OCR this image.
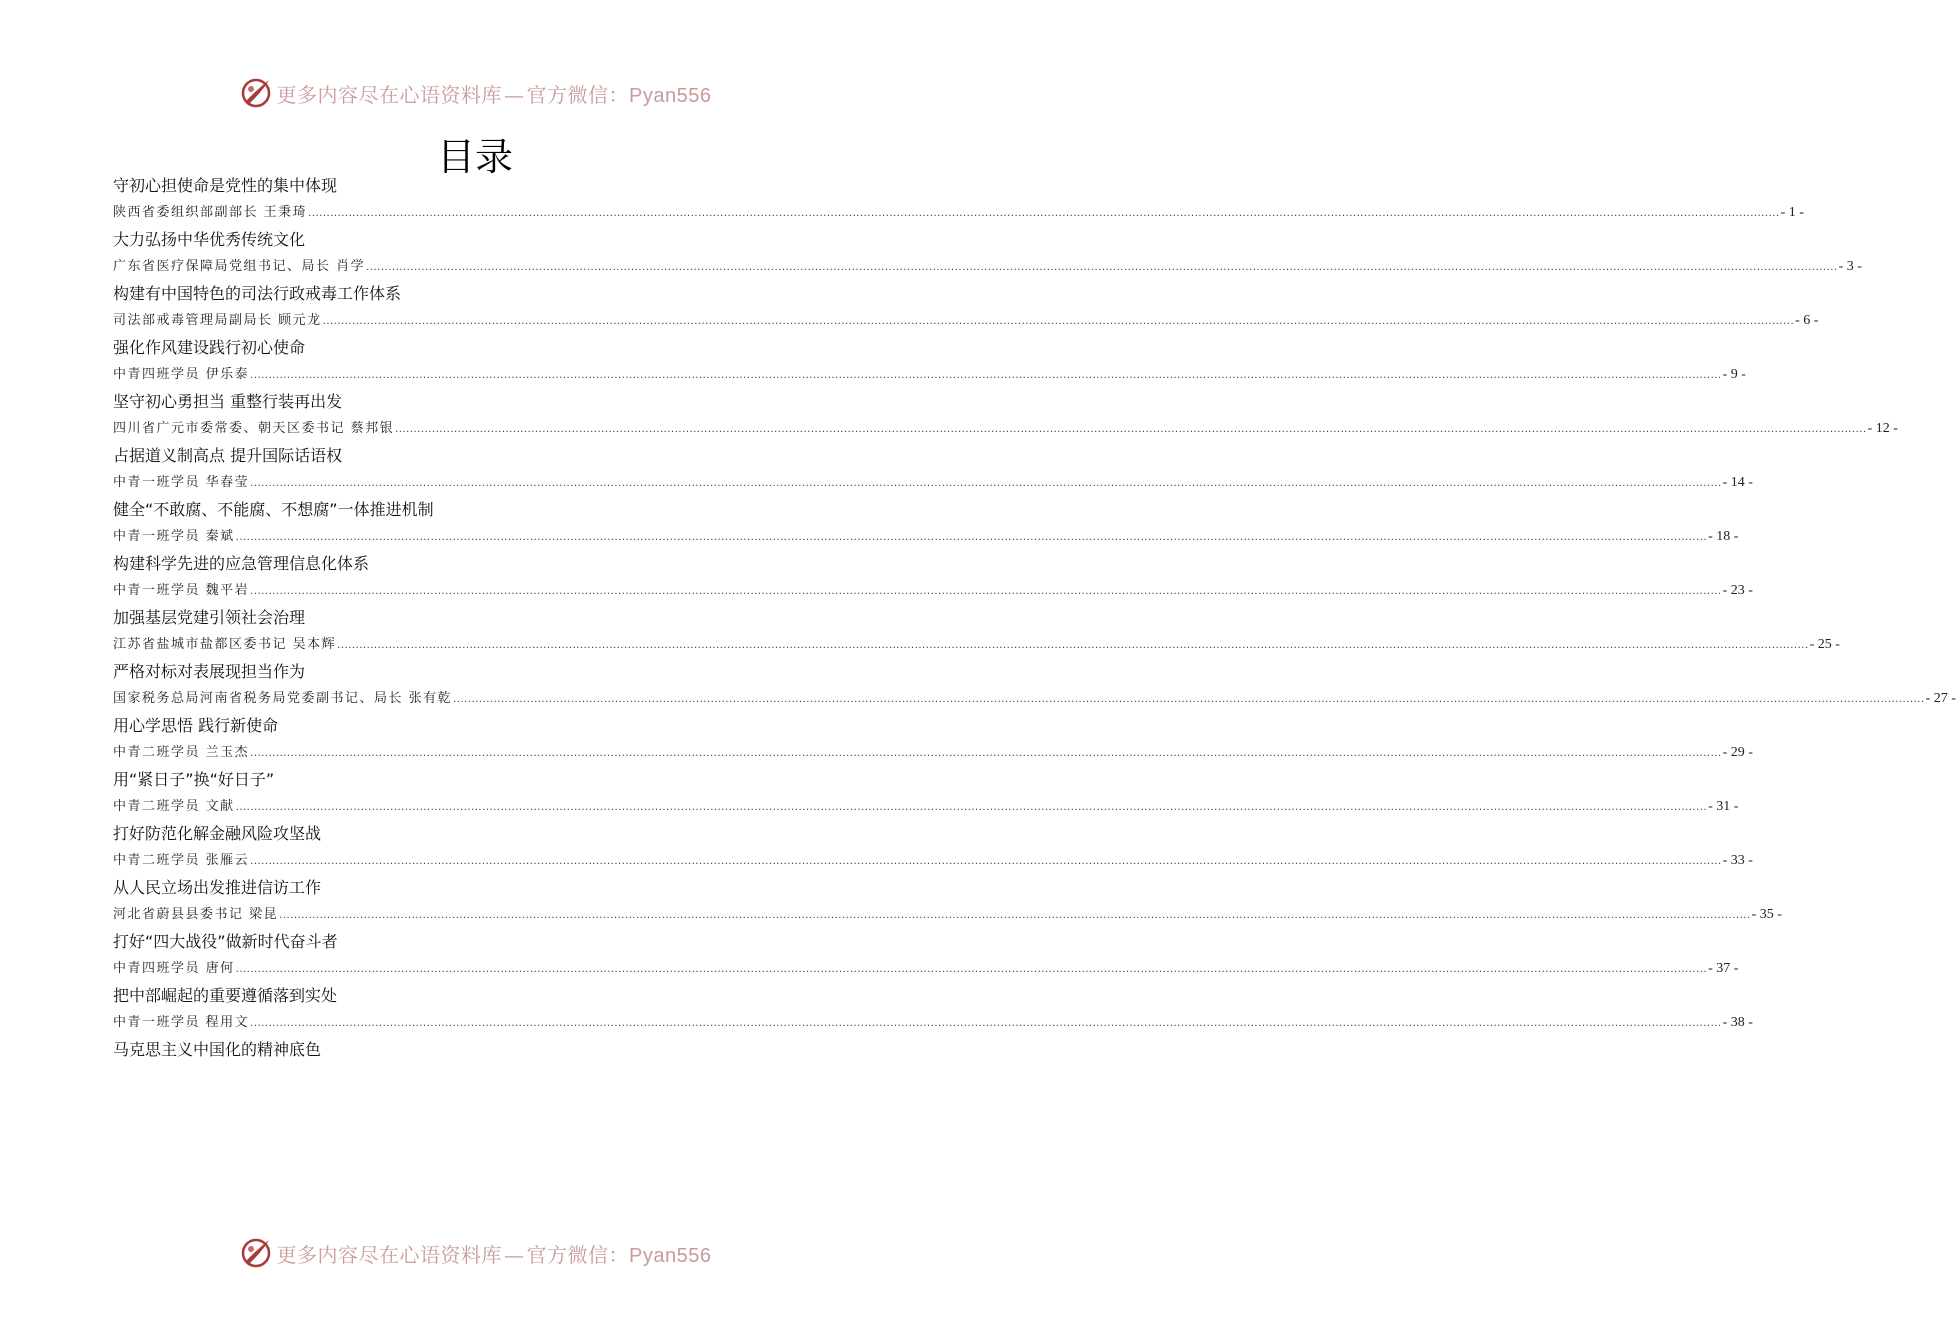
更多内容尽在心语资料库 — 官方微信：Pyan556
目录
守初心担使命是党性的集中体现
陕西省委组织部副部长 王秉琦 ................................................................................................................................................................................................................................................................................................................................................................................................................ - 1 -
大力弘扬中华优秀传统文化
广东省医疗保障局党组书记、局长 肖学 ................................................................................................................................................................................................................................................................................................................................................................................................................ - 3 -
构建有中国特色的司法行政戒毒工作体系
司法部戒毒管理局副局长 顾元龙 ................................................................................................................................................................................................................................................................................................................................................................................................................ - 6 -
强化作风建设践行初心使命
中青四班学员 伊乐泰 ................................................................................................................................................................................................................................................................................................................................................................................................................ - 9 -
坚守初心勇担当 重整行装再出发
四川省广元市委常委、朝天区委书记 蔡邦银 ................................................................................................................................................................................................................................................................................................................................................................................................................ - 12 -
占据道义制高点 提升国际话语权
中青一班学员 华春莹 ................................................................................................................................................................................................................................................................................................................................................................................................................ - 14 -
健全“不敢腐、不能腐、不想腐”一体推进机制
中青一班学员 秦斌 ................................................................................................................................................................................................................................................................................................................................................................................................................ - 18 -
构建科学先进的应急管理信息化体系
中青一班学员 魏平岩 ................................................................................................................................................................................................................................................................................................................................................................................................................ - 23 -
加强基层党建引领社会治理
江苏省盐城市盐都区委书记 吴本辉 ................................................................................................................................................................................................................................................................................................................................................................................................................ - 25 -
严格对标对表展现担当作为
国家税务总局河南省税务局党委副书记、局长 张有乾 ................................................................................................................................................................................................................................................................................................................................................................................................................ - 27 -
用心学思悟 践行新使命
中青二班学员 兰玉杰 ................................................................................................................................................................................................................................................................................................................................................................................................................ - 29 -
用“紧日子”换“好日子”
中青二班学员 文献 ................................................................................................................................................................................................................................................................................................................................................................................................................ - 31 -
打好防范化解金融风险攻坚战
中青二班学员 张雁云 ................................................................................................................................................................................................................................................................................................................................................................................................................ - 33 -
从人民立场出发推进信访工作
河北省蔚县县委书记 梁昆 ................................................................................................................................................................................................................................................................................................................................................................................................................ - 35 -
打好“四大战役”做新时代奋斗者
中青四班学员 唐何 ................................................................................................................................................................................................................................................................................................................................................................................................................ - 37 -
把中部崛起的重要遵循落到实处
中青一班学员 程用文 ................................................................................................................................................................................................................................................................................................................................................................................................................ - 38 -
马克思主义中国化的精神底色
更多内容尽在心语资料库 — 官方微信：Pyan556
